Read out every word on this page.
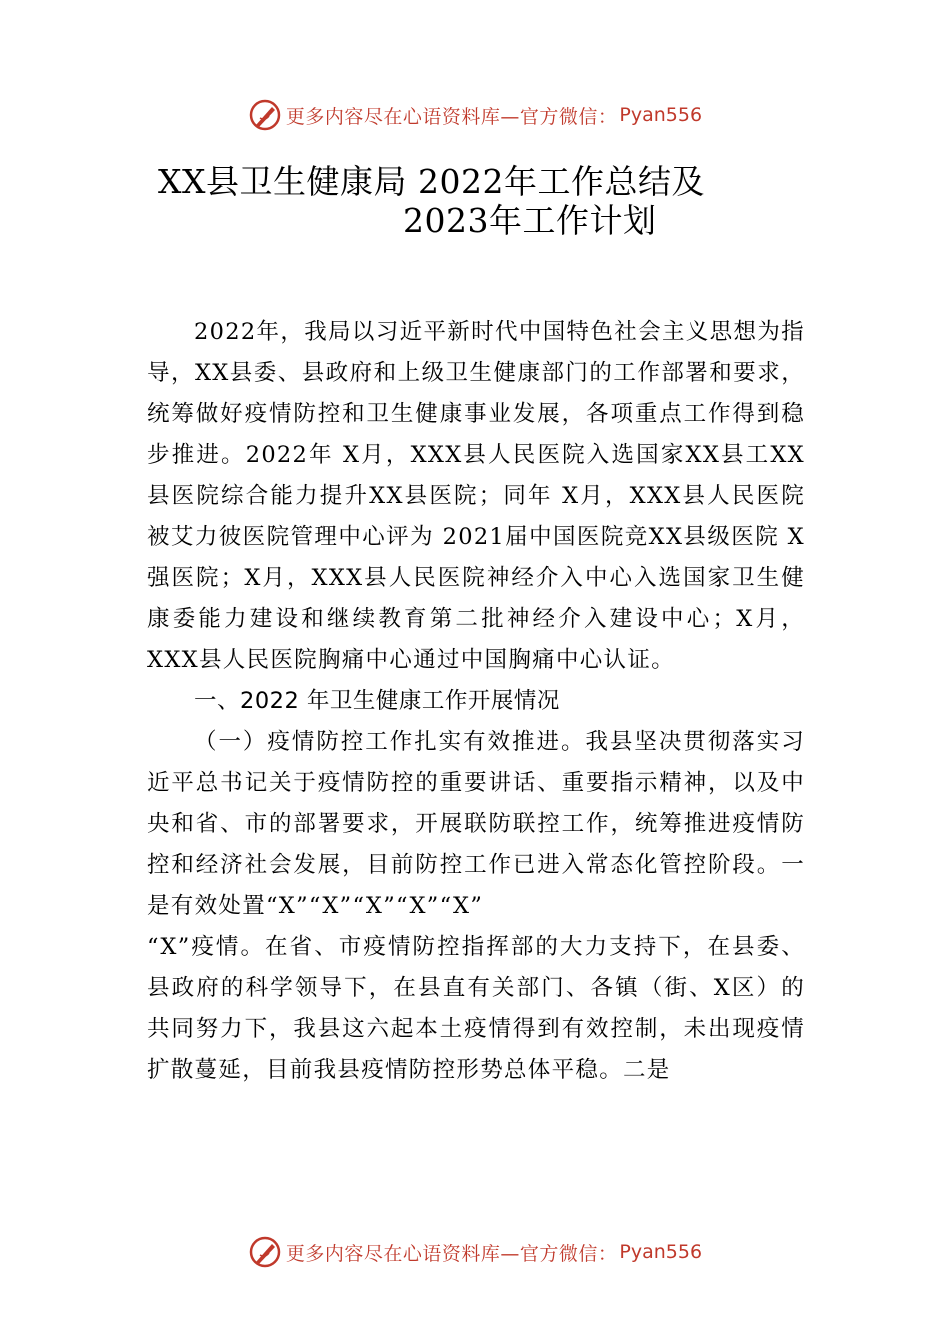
更多内容尽在心语资料库—官方微信： Pyan556
XX县卫生健康局 2022年工作总结及
2023年工作计划

2022年，我局以习近平新时代中国特色社会主义思想为指导，XX县委、县政府和上级卫生健康部门的工作部署和要求，统筹做好疫情防控和卫生健康事业发展，各项重点工作得到稳步推进。2022年 X月，XXX县人民医院入选国家XX县工XX县医院综合能力提升XX县医院；同年 X月，XXX县人民医院被艾力彼医院管理中心评为 2021届中国医院竞XX县级医院 X强医院；X月，XXX县人民医院神经介入中心入选国家卫生健康委能力建设和继续教育第二批神经介入建设中心；X月，XXX县人民医院胸痛中心通过中国胸痛中心认证。

一、2022 年卫生健康工作开展情况

（一）疫情防控工作扎实有效推进。我县坚决贯彻落实习近平总书记关于疫情防控的重要讲话、重要指示精神，以及中央和省、市的部署要求，开展联防联控工作，统筹推进疫情防控和经济社会发展，目前防控工作已进入常态化管控阶段。一是有效处置“X”“X”“X”“X”“X”

“X”疫情。在省、市疫情防控指挥部的大力支持下，在县委、县政府的科学领导下，在县直有关部门、各镇（街、X区）的共同努力下，我县这六起本土疫情得到有效控制，未出现疫情扩散蔓延，目前我县疫情防控形势总体平稳。二是

更多内容尽在心语资料库—官方微信： Pyan556
